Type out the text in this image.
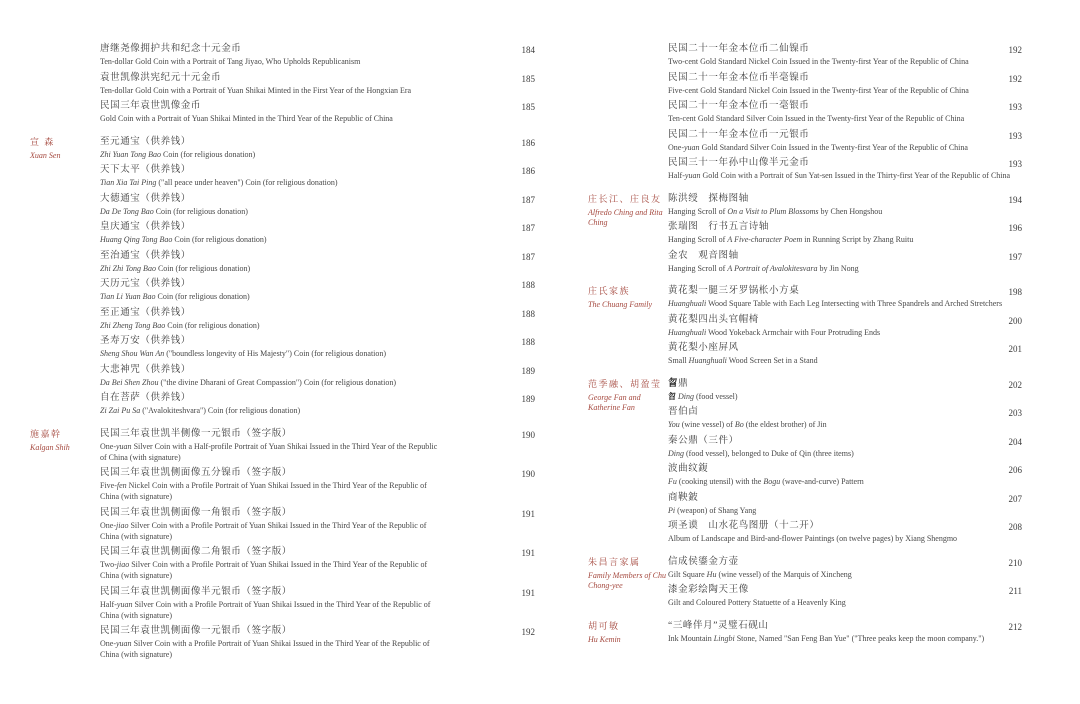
唐继尧像拥护共和纪念十元金币	184
Ten-dollar Gold Coin with a Portrait of Tang Jiyao, Who Upholds Republicanism
袁世凯像洪宪纪元十元金币	185
Ten-dollar Gold Coin with a Portrait of Yuan Shikai Minted in the First Year of the Hongxian Era
民国三年袁世凯像金币	185
Gold Coin with a Portrait of Yuan Shikai Minted in the Third Year of the Republic of China
宣 森
Xuan Sen
至元通宝（供养钱）	186
Zhi Yuan Tong Bao Coin (for religious donation)
天下太平（供养钱）	186
Tian Xia Tai Ping ("all peace under heaven") Coin (for religious donation)
大德通宝（供养钱）	187
Da De Tong Bao Coin (for religious donation)
皇庆通宝（供养钱）	187
Huang Qing Tong Bao Coin (for religious donation)
至治通宝（供养钱）	187
Zhi Zhi Tong Bao Coin (for religious donation)
天历元宝（供养钱）	188
Tian Li Yuan Bao Coin (for religious donation)
至正通宝（供养钱）	188
Zhi Zheng Tong Bao Coin (for religious donation)
圣寿万安（供养钱）	188
Sheng Shou Wan An ("boundless longevity of His Majesty") Coin (for religious donation)
大悲神咒（供养钱）	189
Da Bei Shen Zhou ("the divine Dharani of Great Compassion") Coin (for religious donation)
自在菩萨（供养钱）	189
Zi Zai Pu Sa ("Avalokiteshvara") Coin (for religious donation)
施嘉幹
Kalgan Shih
民国三年袁世凯半侧像一元银币（签字版）	190
One-yuan Silver Coin with a Half-profile Portrait of Yuan Shikai Issued in the Third Year of the Republic of China (with signature)
民国三年袁世凯侧面像五分镍币（签字版）	190
Five-fen Nickel Coin with a Profile Portrait of Yuan Shikai Issued in the Third Year of the Republic of China (with signature)
民国三年袁世凯侧面像一角银币（签字版）	191
One-jiao Silver Coin with a Profile Portrait of Yuan Shikai Issued in the Third Year of the Republic of China (with signature)
民国三年袁世凯侧面像二角银币（签字版）	191
Two-jiao Silver Coin with a Profile Portrait of Yuan Shikai Issued in the Third Year of the Republic of China (with signature)
民国三年袁世凯侧面像半元银币（签字版）	191
Half-yuan Silver Coin with a Profile Portrait of Yuan Shikai Issued in the Third Year of the Republic of China (with signature)
民国三年袁世凯侧面像一元银币（签字版）	192
One-yuan Silver Coin with a Profile Portrait of Yuan Shikai Issued in the Third Year of the Republic of China (with signature)
民国二十一年金本位币二仙镍币	192
Two-cent Gold Standard Nickel Coin Issued in the Twenty-first Year of the Republic of China
民国二十一年金本位币半毫镍币	192
Five-cent Gold Standard Nickel Coin Issued in the Twenty-first Year of the Republic of China
民国二十一年金本位币一毫银币	193
Ten-cent Gold Standard Silver Coin Issued in the Twenty-first Year of the Republic of China
民国二十一年金本位币一元银币	193
One-yuan Gold Standard Silver Coin Issued in the Twenty-first Year of the Republic of China
民国三十一年孙中山像半元金币	193
Half-yuan Gold Coin with a Portrait of Sun Yat-sen Issued in the Thirty-first Year of the Republic of China
庄长江、庄良友
Alfredo Ching and Rita Ching
陈洪绶　探梅图轴	194
Hanging Scroll of On a Visit to Plum Blossoms by Chen Hongshou
张瑞图　行书五言诗轴	196
Hanging Scroll of A Five-character Poem in Running Script by Zhang Ruitu
金农　观音图轴	197
Hanging Scroll of A Portrait of Avalokitesvara by Jin Nong
庄氏家族
The Chuang Family
黄花梨一腿三牙罗锅枨小方桌	198
Huanghuali Wood Square Table with Each Leg Intersecting with Three Spandrels and Arched Stretchers
黄花梨四出头官帽椅	200
Huanghuali Wood Yokeback Armchair with Four Protruding Ends
黄花梨小座屏风	201
Small Huanghuali Wood Screen Set in a Stand
范季融、胡盈莹
George Fan and Katherine Fan
曶鼎	202
曶 Ding (food vessel)
晋伯卣	203
You (wine vessel) of Bo (the eldest brother) of Jin
秦公鼎（三件）	204
Ding (food vessel), belonged to Duke of Qin (three items)
波曲纹鍑	206
Fu (cooking utensil) with the Bogu (wave-and-curve) Pattern
商鞅鈹	207
Pi (weapon) of Shang Yang
项圣谟　山水花鸟图册（十二开）	208
Album of Landscape and Bird-and-flower Paintings (on twelve pages) by Xiang Shengmo
朱昌言家属
Family Members of Chu Chong-yee
信成侯鎏金方壶	210
Gilt Square Hu (wine vessel) of the Marquis of Xincheng
漆金彩绘陶天王像	211
Gilt and Coloured Pottery Statuette of a Heavenly King
胡可敏
Hu Kemin
“三峰伴月”灵璧石砚山	212
Ink Mountain Lingbi Stone, Named "San Feng Ban Yue" ("Three peaks keep the moon company.")
